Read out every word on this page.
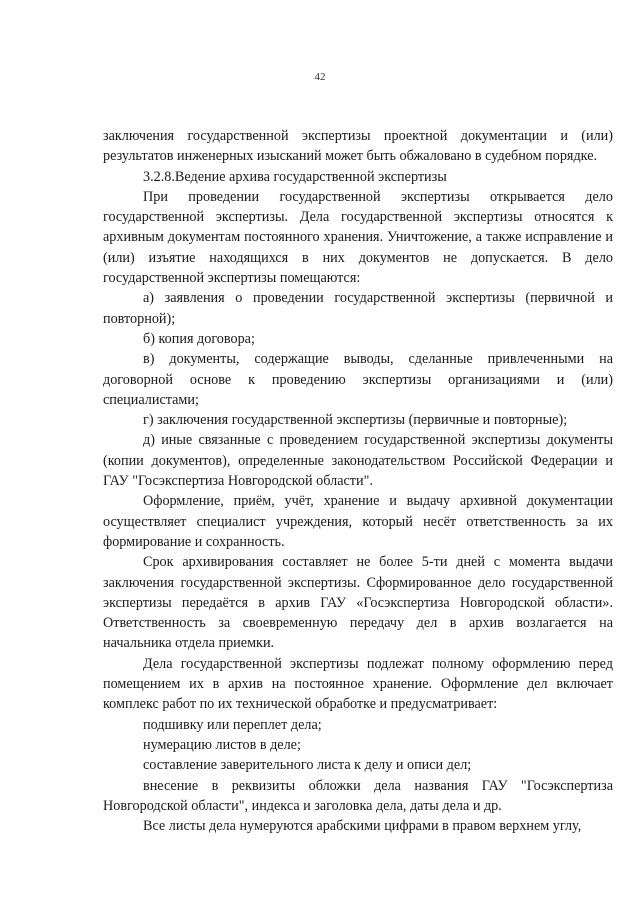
42

заключения государственной экспертизы проектной документации и (или) результатов инженерных изысканий может быть обжаловано в судебном порядке.

3.2.8.Ведение архива государственной экспертизы

При проведении государственной экспертизы открывается дело государственной экспертизы. Дела государственной экспертизы относятся к архивным документам постоянного хранения. Уничтожение, а также исправление и (или) изъятие находящихся в них документов не допускается. В дело государственной экспертизы помещаются:

а) заявления о проведении государственной экспертизы (первичной и повторной);

б) копия договора;

в) документы, содержащие выводы, сделанные привлеченными на договорной основе к проведению экспертизы организациями и (или) специалистами;

г) заключения государственной экспертизы (первичные и повторные);

д) иные связанные с проведением государственной экспертизы документы (копии документов), определенные законодательством Российской Федерации и ГАУ "Госэкспертиза Новгородской области".

Оформление, приём, учёт, хранение и выдачу архивной документации осуществляет специалист учреждения, который несёт ответственность за их формирование и сохранность.

Срок архивирования составляет не более 5-ти дней с момента выдачи заключения государственной экспертизы. Сформированное дело государственной экспертизы передаётся в архив ГАУ «Госэкспертиза Новгородской области». Ответственность за своевременную передачу дел в архив возлагается на начальника отдела приемки.

Дела государственной экспертизы подлежат полному оформлению перед помещением их в архив на постоянное хранение. Оформление дел включает комплекс работ по их технической обработке и предусматривает:

подшивку или переплет дела;

нумерацию листов в деле;

составление заверительного листа к делу и описи дел;

внесение в реквизиты обложки дела названия ГАУ "Госэкспертиза Новгородской области", индекса и заголовка дела, даты дела и др.

Все листы дела нумеруются арабскими цифрами в правом верхнем углу,
